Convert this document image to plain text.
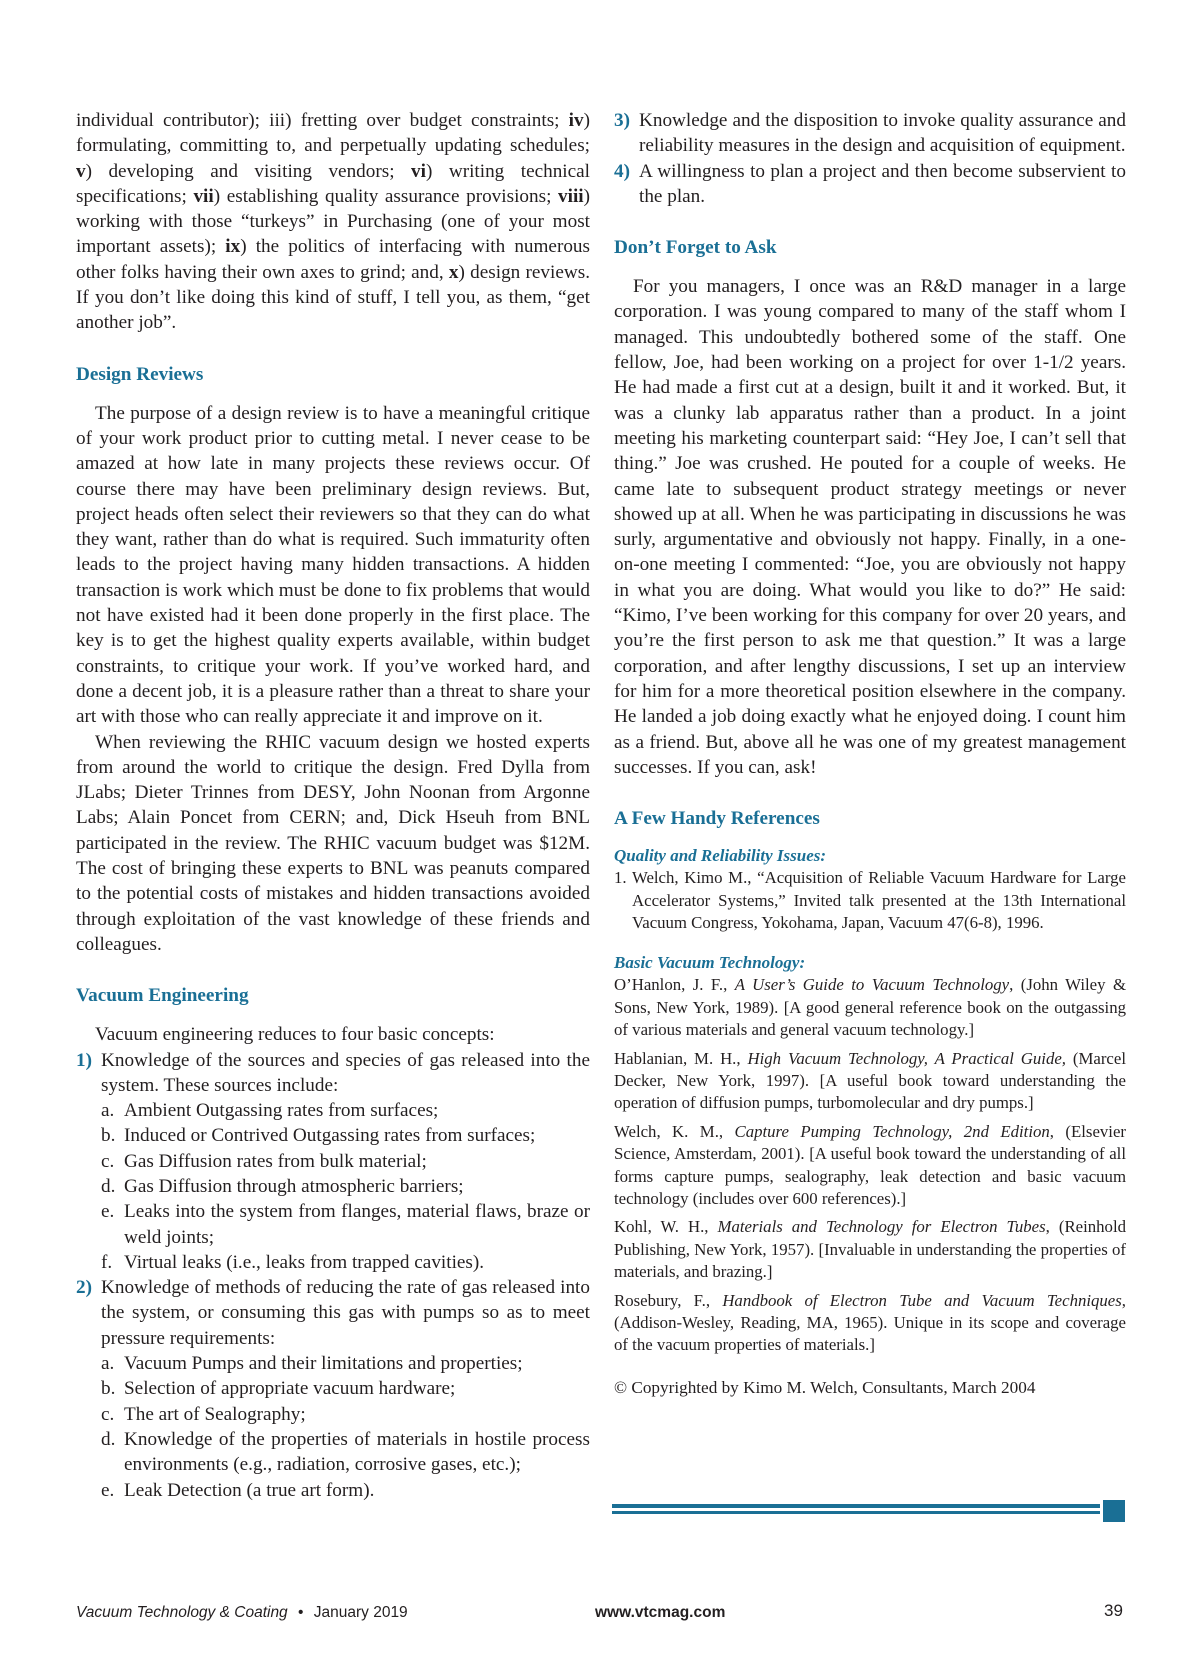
individual contributor); iii) fretting over budget constraints; iv) formulating, committing to, and perpetually updating schedules; v) developing and visiting vendors; vi) writing technical specifications; vii) establishing quality assurance provisions; viii) working with those “turkeys” in Purchasing (one of your most important assets); ix) the politics of interfacing with numerous other folks having their own axes to grind; and, x) design reviews. If you don’t like doing this kind of stuff, I tell you, as them, “get another job”.

Design Reviews

The purpose of a design review is to have a meaningful critique of your work product prior to cutting metal. I never cease to be amazed at how late in many projects these reviews occur. Of course there may have been preliminary design reviews. But, project heads often select their reviewers so that they can do what they want, rather than do what is required. Such immaturity often leads to the project having many hidden transactions. A hidden transaction is work which must be done to fix problems that would not have existed had it been done properly in the first place. The key is to get the highest quality experts available, within budget constraints, to critique your work. If you’ve worked hard, and done a decent job, it is a pleasure rather than a threat to share your art with those who can really appreciate it and improve on it.

When reviewing the RHIC vacuum design we hosted experts from around the world to critique the design. Fred Dylla from JLabs; Dieter Trinnes from DESY, John Noonan from Argonne Labs; Alain Poncet from CERN; and, Dick Hseuh from BNL participated in the review. The RHIC vacuum budget was $12M. The cost of bringing these experts to BNL was peanuts compared to the potential costs of mistakes and hidden transactions avoided through exploitation of the vast knowledge of these friends and colleagues.

Vacuum Engineering

Vacuum engineering reduces to four basic concepts:

1) Knowledge of the sources and species of gas released into the system. These sources include:
a. Ambient Outgassing rates from surfaces;
b. Induced or Contrived Outgassing rates from surfaces;
c. Gas Diffusion rates from bulk material;
d. Gas Diffusion through atmospheric barriers;
e. Leaks into the system from flanges, material flaws, braze or weld joints;
f. Virtual leaks (i.e., leaks from trapped cavities).
2) Knowledge of methods of reducing the rate of gas released into the system, or consuming this gas with pumps so as to meet pressure requirements:
a. Vacuum Pumps and their limitations and properties;
b. Selection of appropriate vacuum hardware;
c. The art of Sealography;
d. Knowledge of the properties of materials in hostile process environments (e.g., radiation, corrosive gases, etc.);
e. Leak Detection (a true art form).
3) Knowledge and the disposition to invoke quality assurance and reliability measures in the design and acquisition of equipment.
4) A willingness to plan a project and then become subservient to the plan.
Don’t Forget to Ask

For you managers, I once was an R&D manager in a large corporation. I was young compared to many of the staff whom I managed. This undoubtedly bothered some of the staff. One fellow, Joe, had been working on a project for over 1-1/2 years. He had made a first cut at a design, built it and it worked. But, it was a clunky lab apparatus rather than a product. In a joint meeting his marketing counterpart said: “Hey Joe, I can’t sell that thing.” Joe was crushed. He pouted for a couple of weeks. He came late to subsequent product strategy meetings or never showed up at all. When he was participating in discussions he was surly, argumentative and obviously not happy. Finally, in a one-on-one meeting I commented: “Joe, you are obviously not happy in what you are doing. What would you like to do?” He said: “Kimo, I’ve been working for this company for over 20 years, and you’re the first person to ask me that question.” It was a large corporation, and after lengthy discussions, I set up an interview for him for a more theoretical position elsewhere in the company. He landed a job doing exactly what he enjoyed doing. I count him as a friend. But, above all he was one of my greatest management successes. If you can, ask!

A Few Handy References

Quality and Reliability Issues:

1. Welch, Kimo M., “Acquisition of Reliable Vacuum Hardware for Large Accelerator Systems,” Invited talk presented at the 13th International Vacuum Congress, Yokohama, Japan, Vacuum 47(6-8), 1996.

Basic Vacuum Technology:

O’Hanlon, J. F., A User’s Guide to Vacuum Technology, (John Wiley & Sons, New York, 1989). [A good general reference book on the outgassing of various materials and general vacuum technology.]

Hablanian, M. H., High Vacuum Technology, A Practical Guide, (Marcel Decker, New York, 1997). [A useful book toward understanding the operation of diffusion pumps, turbomolecular and dry pumps.]

Welch, K. M., Capture Pumping Technology, 2nd Edition, (Elsevier Science, Amsterdam, 2001). [A useful book toward the understanding of all forms capture pumps, sealography, leak detection and basic vacuum technology (includes over 600 references).]

Kohl, W. H., Materials and Technology for Electron Tubes, (Reinhold Publishing, New York, 1957). [Invaluable in understanding the properties of materials, and brazing.]

Rosebury, F., Handbook of Electron Tube and Vacuum Techniques, (Addison-Wesley, Reading, MA, 1965). Unique in its scope and coverage of the vacuum properties of materials.]

© Copyrighted by Kimo M. Welch, Consultants, March 2004

Vacuum Technology & Coating • January 2019	www.vtcmag.com	39
